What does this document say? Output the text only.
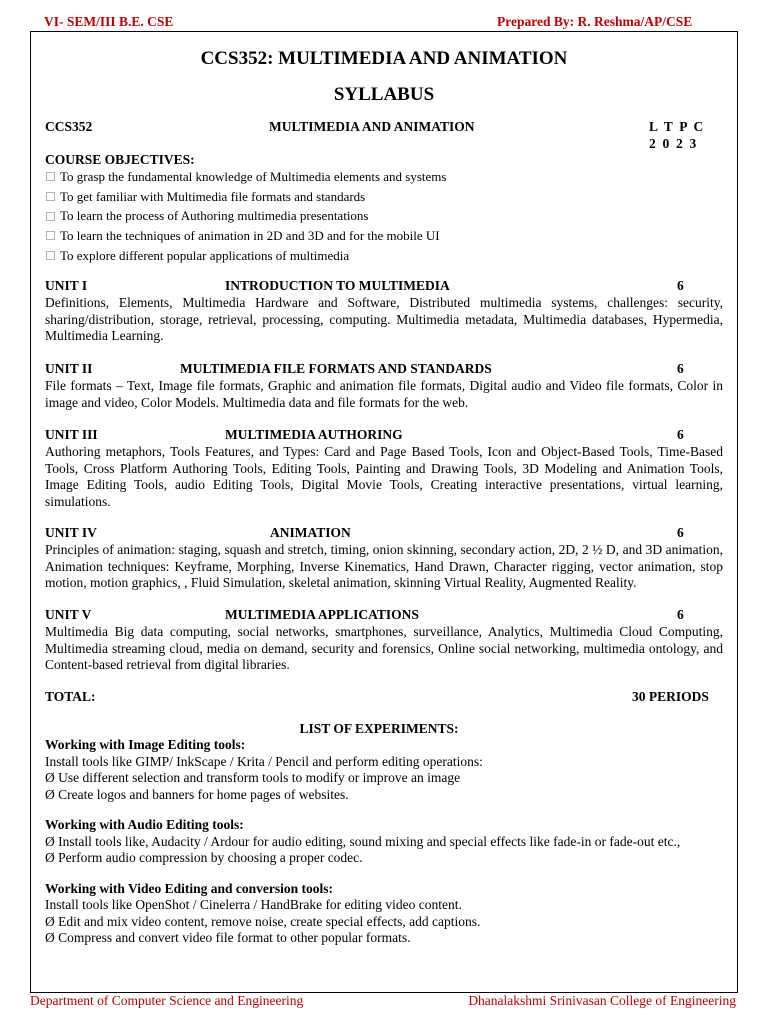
VI- SEM/III B.E. CSE	Prepared By: R. Reshma/AP/CSE
CCS352: MULTIMEDIA AND ANIMATION
SYLLABUS
CCS352	MULTIMEDIA AND ANIMATION	L  T  P  C
2  0  2  3
COURSE OBJECTIVES:
To grasp the fundamental knowledge of Multimedia elements and systems
To get familiar with Multimedia file formats and standards
To learn the process of Authoring multimedia presentations
To learn the techniques of animation in 2D and 3D and for the mobile UI
To explore different popular applications of multimedia
UNIT I	INTRODUCTION TO MULTIMEDIA	6

Definitions, Elements, Multimedia Hardware and Software, Distributed multimedia systems, challenges: security, sharing/distribution, storage, retrieval, processing, computing. Multimedia metadata, Multimedia databases, Hypermedia, Multimedia Learning.

UNIT II	MULTIMEDIA FILE FORMATS AND STANDARDS	6

File formats – Text, Image file formats, Graphic and animation file formats, Digital audio and Video file formats, Color in image and video, Color Models. Multimedia data and file formats for the web.

UNIT III	MULTIMEDIA AUTHORING	6

Authoring metaphors, Tools Features, and Types: Card and Page Based Tools, Icon and Object-Based Tools, Time-Based Tools, Cross Platform Authoring Tools, Editing Tools, Painting and Drawing Tools, 3D Modeling and Animation Tools, Image Editing Tools, audio Editing Tools, Digital Movie Tools, Creating interactive presentations, virtual learning, simulations.

UNIT IV	ANIMATION	6

Principles of animation: staging, squash and stretch, timing, onion skinning, secondary action, 2D, 2 ½ D, and 3D animation, Animation techniques: Keyframe, Morphing, Inverse Kinematics, Hand Drawn, Character rigging, vector animation, stop motion, motion graphics, , Fluid Simulation, skeletal animation, skinning Virtual Reality, Augmented Reality.

UNIT V	MULTIMEDIA APPLICATIONS	6

Multimedia Big data computing, social networks, smartphones, surveillance, Analytics, Multimedia Cloud Computing, Multimedia streaming cloud, media on demand, security and forensics, Online social networking, multimedia ontology, and Content-based retrieval from digital libraries.

TOTAL:	30 PERIODS
LIST OF EXPERIMENTS:

Working with Image Editing tools:

Install tools like GIMP/ InkScape / Krita / Pencil and perform editing operations:

Ø Use different selection and transform tools to modify or improve an image

Ø Create logos and banners for home pages of websites.

Working with Audio Editing tools:

Ø Install tools like, Audacity / Ardour for audio editing, sound mixing and special effects like fade-in or fade-out etc.,

Ø Perform audio compression by choosing a proper codec.

Working with Video Editing and conversion tools:

Install tools like OpenShot / Cinelerra / HandBrake for editing video content.

Ø Edit and mix video content, remove noise, create special effects, add captions.

Ø Compress and convert video file format to other popular formats.

Department of Computer Science and Engineering	Dhanalakshmi Srinivasan College of Engineering
